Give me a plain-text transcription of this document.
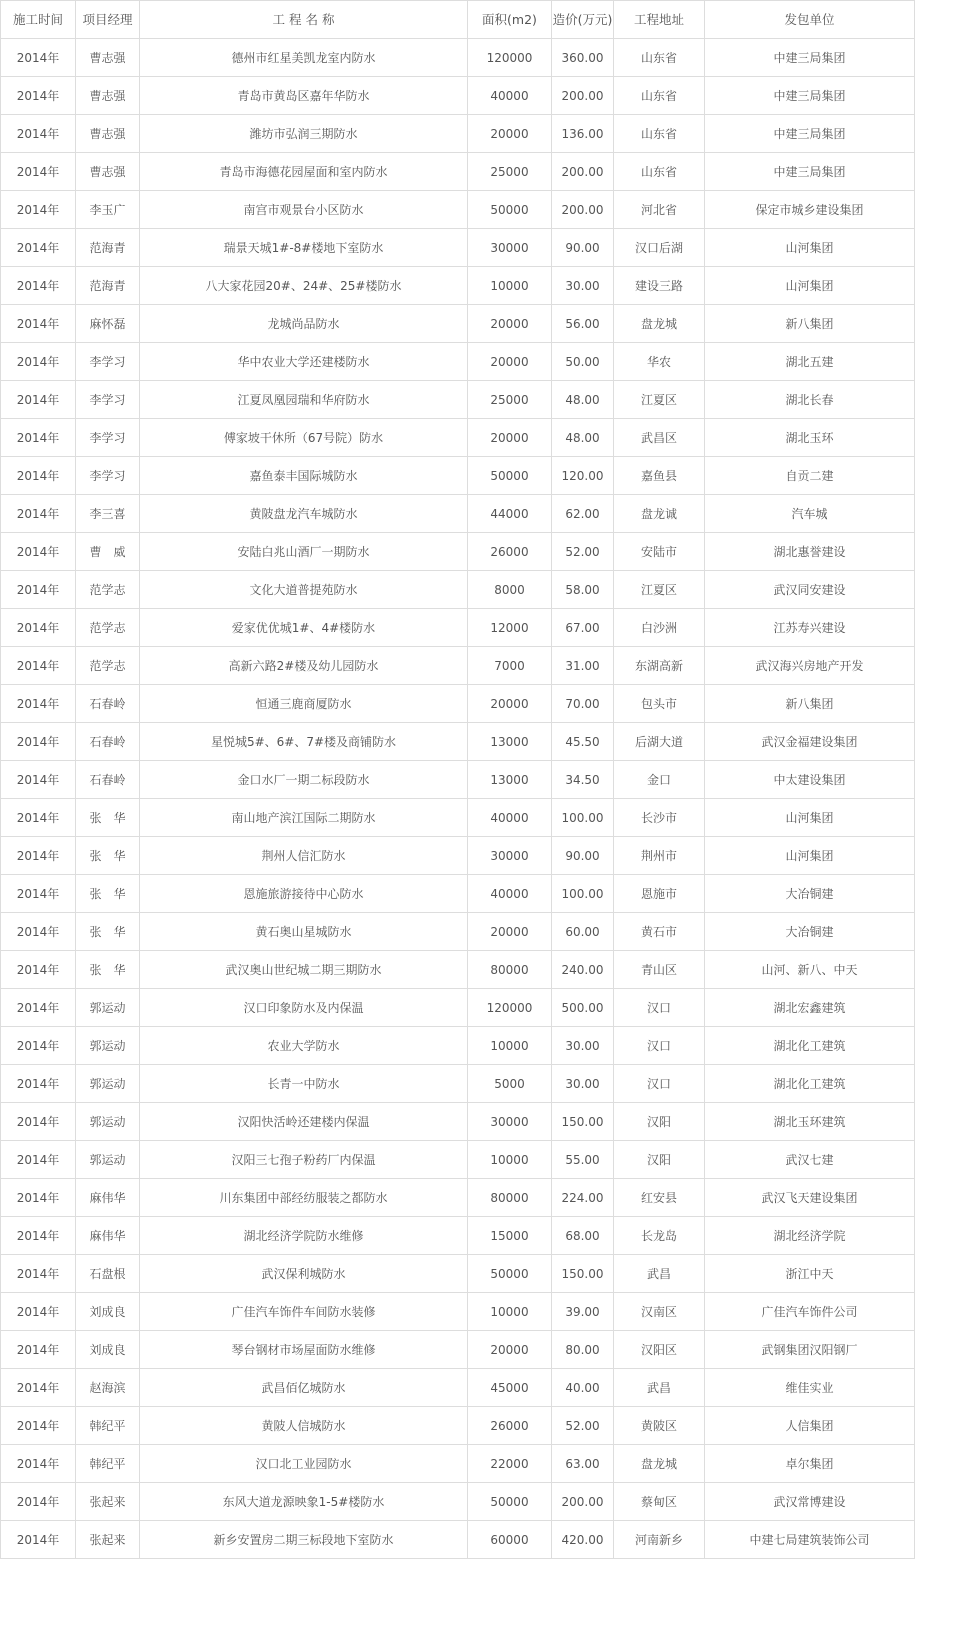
施工时间	项目经理	工 程 名 称	面积(m2)	造价(万元)	工程地址	发包单位
2014年	曹志强	德州市红星美凯龙室内防水	120000	360.00	山东省	中建三局集团
2014年	曹志强	青岛市黄岛区嘉年华防水	40000	200.00	山东省	中建三局集团
2014年	曹志强	潍坊市弘润三期防水	20000	136.00	山东省	中建三局集团
2014年	曹志强	青岛市海德花园屋面和室内防水	25000	200.00	山东省	中建三局集团
2014年	李玉广	南宫市观景台小区防水	50000	200.00	河北省	保定市城乡建设集团
2014年	范海青	瑞景天城1#-8#楼地下室防水	30000	90.00	汉口后湖	山河集团
2014年	范海青	八大家花园20#、24#、25#楼防水	10000	30.00	建设三路	山河集团
2014年	麻怀磊	龙城尚品防水	20000	56.00	盘龙城	新八集团
2014年	李学习	华中农业大学还建楼防水	20000	50.00	华农	湖北五建
2014年	李学习	江夏凤凰园瑞和华府防水	25000	48.00	江夏区	湖北长春
2014年	李学习	傅家坡干休所（67号院）防水	20000	48.00	武昌区	湖北玉环
2014年	李学习	嘉鱼泰丰国际城防水	50000	120.00	嘉鱼县	自贡二建
2014年	李三喜	黄陂盘龙汽车城防水	44000	62.00	盘龙诚	汽车城
2014年	曹　威	安陆白兆山酒厂一期防水	26000	52.00	安陆市	湖北惠誉建设
2014年	范学志	文化大道普提苑防水	8000	58.00	江夏区	武汉同安建设
2014年	范学志	爱家优优城1#、4#楼防水	12000	67.00	白沙洲	江苏寿兴建设
2014年	范学志	高新六路2#楼及幼儿园防水	7000	31.00	东湖高新	武汉海兴房地产开发
2014年	石春岭	恒通三鹿商厦防水	20000	70.00	包头市	新八集团
2014年	石春岭	星悦城5#、6#、7#楼及商铺防水	13000	45.50	后湖大道	武汉金福建设集团
2014年	石春岭	金口水厂一期二标段防水	13000	34.50	金口	中太建设集团
2014年	张　华	南山地产滨江国际二期防水	40000	100.00	长沙市	山河集团
2014年	张　华	荆州人信汇防水	30000	90.00	荆州市	山河集团
2014年	张　华	恩施旅游接待中心防水	40000	100.00	恩施市	大冶铜建
2014年	张　华	黄石奥山星城防水	20000	60.00	黄石市	大冶铜建
2014年	张　华	武汉奥山世纪城二期三期防水	80000	240.00	青山区	山河、新八、中天
2014年	郭运动	汉口印象防水及内保温	120000	500.00	汉口	湖北宏鑫建筑
2014年	郭运动	农业大学防水	10000	30.00	汉口	湖北化工建筑
2014年	郭运动	长青一中防水	5000	30.00	汉口	湖北化工建筑
2014年	郭运动	汉阳快活岭还建楼内保温	30000	150.00	汉阳	湖北玉环建筑
2014年	郭运动	汉阳三七孢子粉药厂内保温	10000	55.00	汉阳	武汉七建
2014年	麻伟华	川东集团中部经纺服装之都防水	80000	224.00	红安县	武汉飞天建设集团
2014年	麻伟华	湖北经济学院防水维修	15000	68.00	长龙岛	湖北经济学院
2014年	石盘根	武汉保利城防水	50000	150.00	武昌	浙江中天
2014年	刘成良	广佳汽车饰件车间防水装修	10000	39.00	汉南区	广佳汽车饰件公司
2014年	刘成良	琴台钢材市场屋面防水维修	20000	80.00	汉阳区	武钢集团汉阳钢厂
2014年	赵海滨	武昌佰亿城防水	45000	40.00	武昌	维佳实业
2014年	韩纪平	黄陂人信城防水	26000	52.00	黄陂区	人信集团
2014年	韩纪平	汉口北工业园防水	22000	63.00	盘龙城	卓尔集团
2014年	张起来	东风大道龙源映象1-5#楼防水	50000	200.00	蔡甸区	武汉常博建设
2014年	张起来	新乡安置房二期三标段地下室防水	60000	420.00	河南新乡	中建七局建筑装饰公司
